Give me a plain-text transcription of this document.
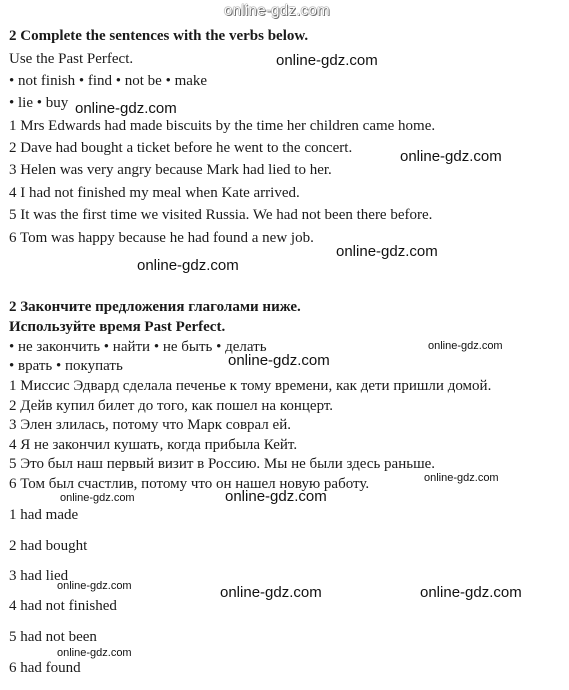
online-gdz.com
2 Complete the sentences with the verbs below.
Use the Past Perfect.
• not finish • find • not be • make
• lie • buy
1 Mrs Edwards had made biscuits by the time her children came home.
2 Dave had bought a ticket before he went to the concert.
3 Helen was very angry because Mark had lied to her.
4 I had not finished my meal when Kate arrived.
5 It was the first time we visited Russia. We had not been there before.
6 Tom was happy because he had found a new job.
2 Закончите предложения глаголами ниже.
Используйте время Past Perfect.
• не закончить • найти • не быть • делать
• врать • покупать
1 Миссис Эдвард сделала печенье к тому времени, как дети пришли домой.
2 Дейв купил билет до того, как пошел на концерт.
3 Элен злилась, потому что Марк соврал ей.
4 Я не закончил кушать, когда прибыла Кейт.
5 Это был наш первый визит в Россию. Мы не были здесь раньше.
6 Том был счастлив, потому что он нашел новую работу.
1 had made
2 had bought
3 had lied
4 had not finished
5 had not been
6 had found
online-gdz.com
online-gdz.com
online-gdz.com
online-gdz.com
online-gdz.com
online-gdz.com
online-gdz.com
online-gdz.com
online-gdz.com
online-gdz.com
online-gdz.com	online-gdz.com	online-gdz.com
online-gdz.com
